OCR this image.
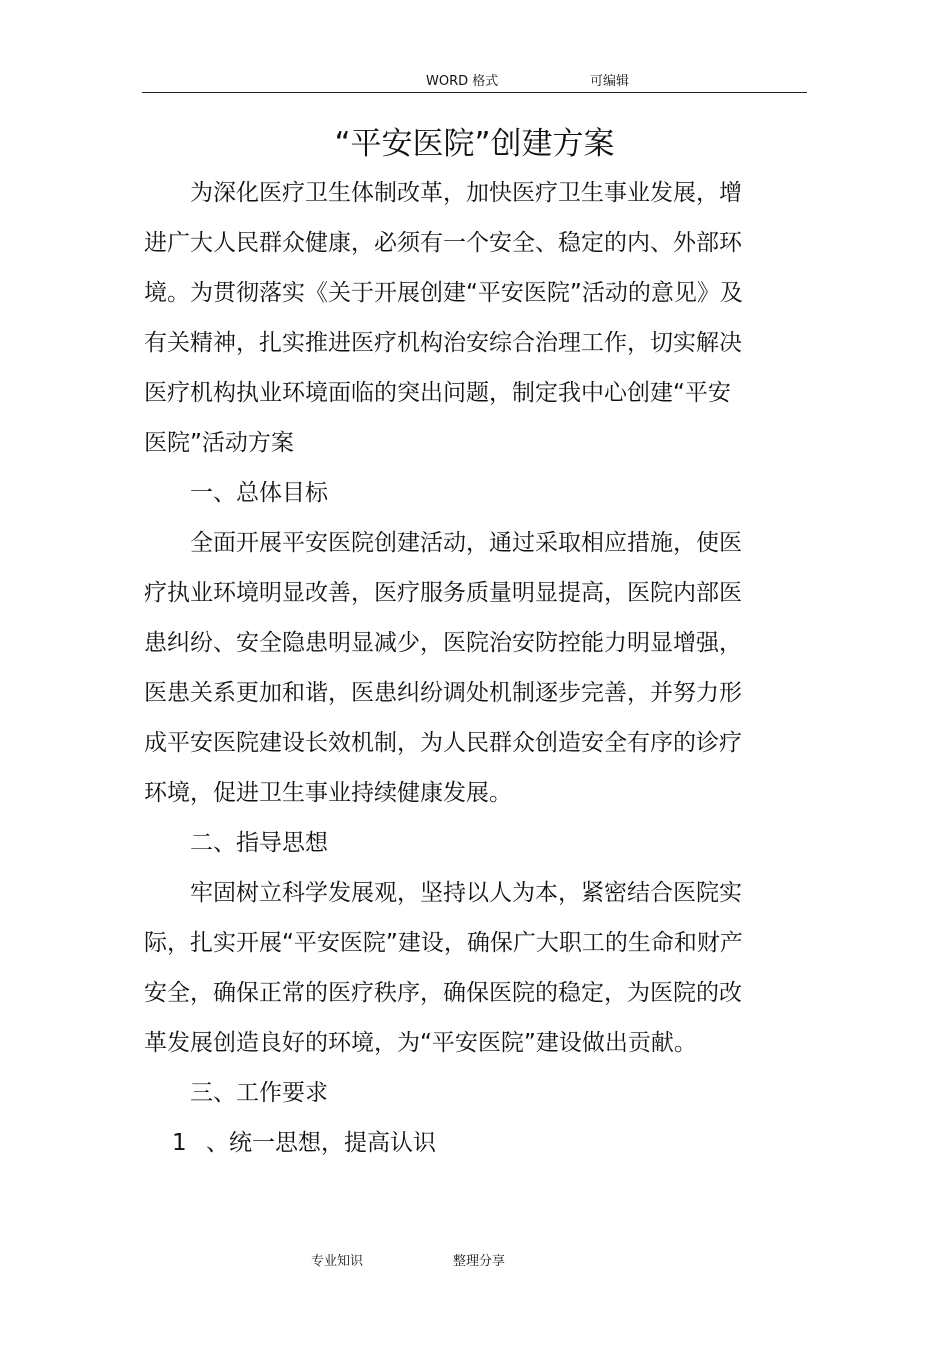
WORD 格式	可编辑
“平安医院”创建方案

为深化医疗卫生体制改革，加快医疗卫生事业发展，增进广大人民群众健康，必须有一个安全、稳定的内、外部环境。为贯彻落实《关于开展创建“平安医院”活动的意见》及有关精神，扎实推进医疗机构治安综合治理工作，切实解决医疗机构执业环境面临的突出问题，制定我中心创建“平安医院”活动方案

一、总体目标

全面开展平安医院创建活动，通过采取相应措施，使医疗执业环境明显改善，医疗服务质量明显提高，医院内部医患纠纷、安全隐患明显减少，医院治安防控能力明显增强，医患关系更加和谐，医患纠纷调处机制逐步完善，并努力形成平安医院建设长效机制，为人民群众创造安全有序的诊疗环境，促进卫生事业持续健康发展。

二、指导思想

牢固树立科学发展观，坚持以人为本，紧密结合医院实际，扎实开展“平安医院”建设，确保广大职工的生命和财产安全，确保正常的医疗秩序，确保医院的稳定，为医院的改革发展创造良好的环境，为“平安医院”建设做出贡献。

三、工作要求

1 、统一思想，提高认识

专业知识	整理分享
